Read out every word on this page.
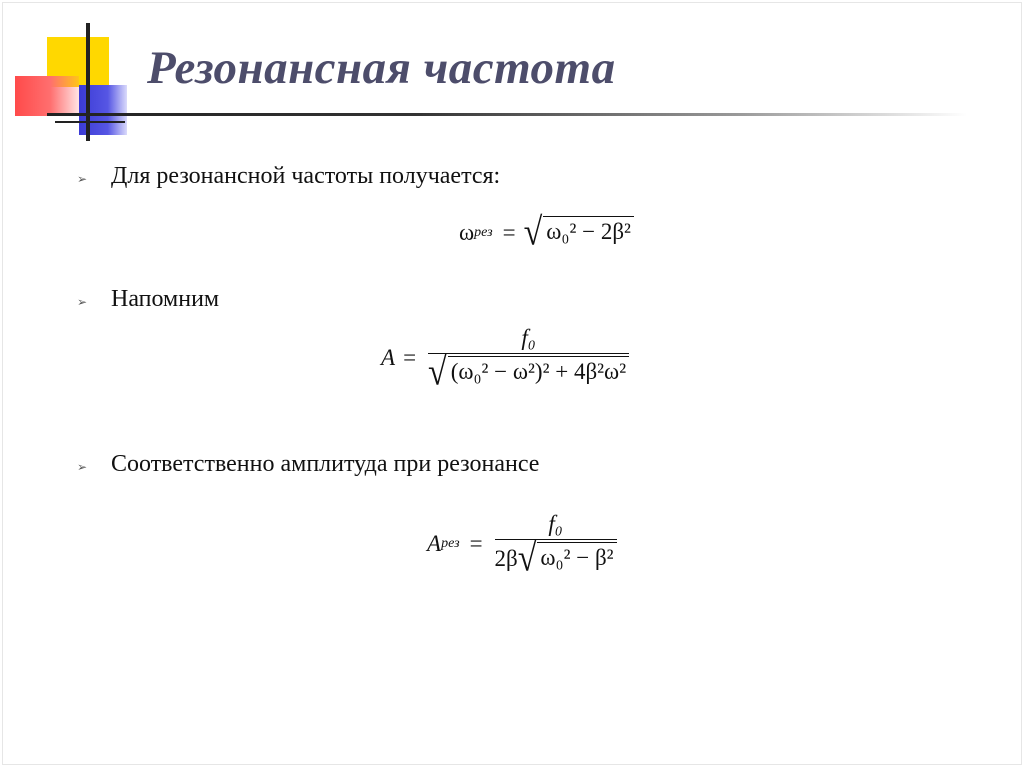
Резонансная частота
➢ Для резонансной частоты получается:
ω рез = √ ω₀² − 2β²
➢ Напомним
$A = \frac{\text{f₀}}{\text{√ (ω₀² − ω²)² + 4β²ω²}}$
➢ Соответственно амплитуда при резонансе
A рез = $\frac{\text{f₀}}{\text{2β √ ω₀² − β²}}$
